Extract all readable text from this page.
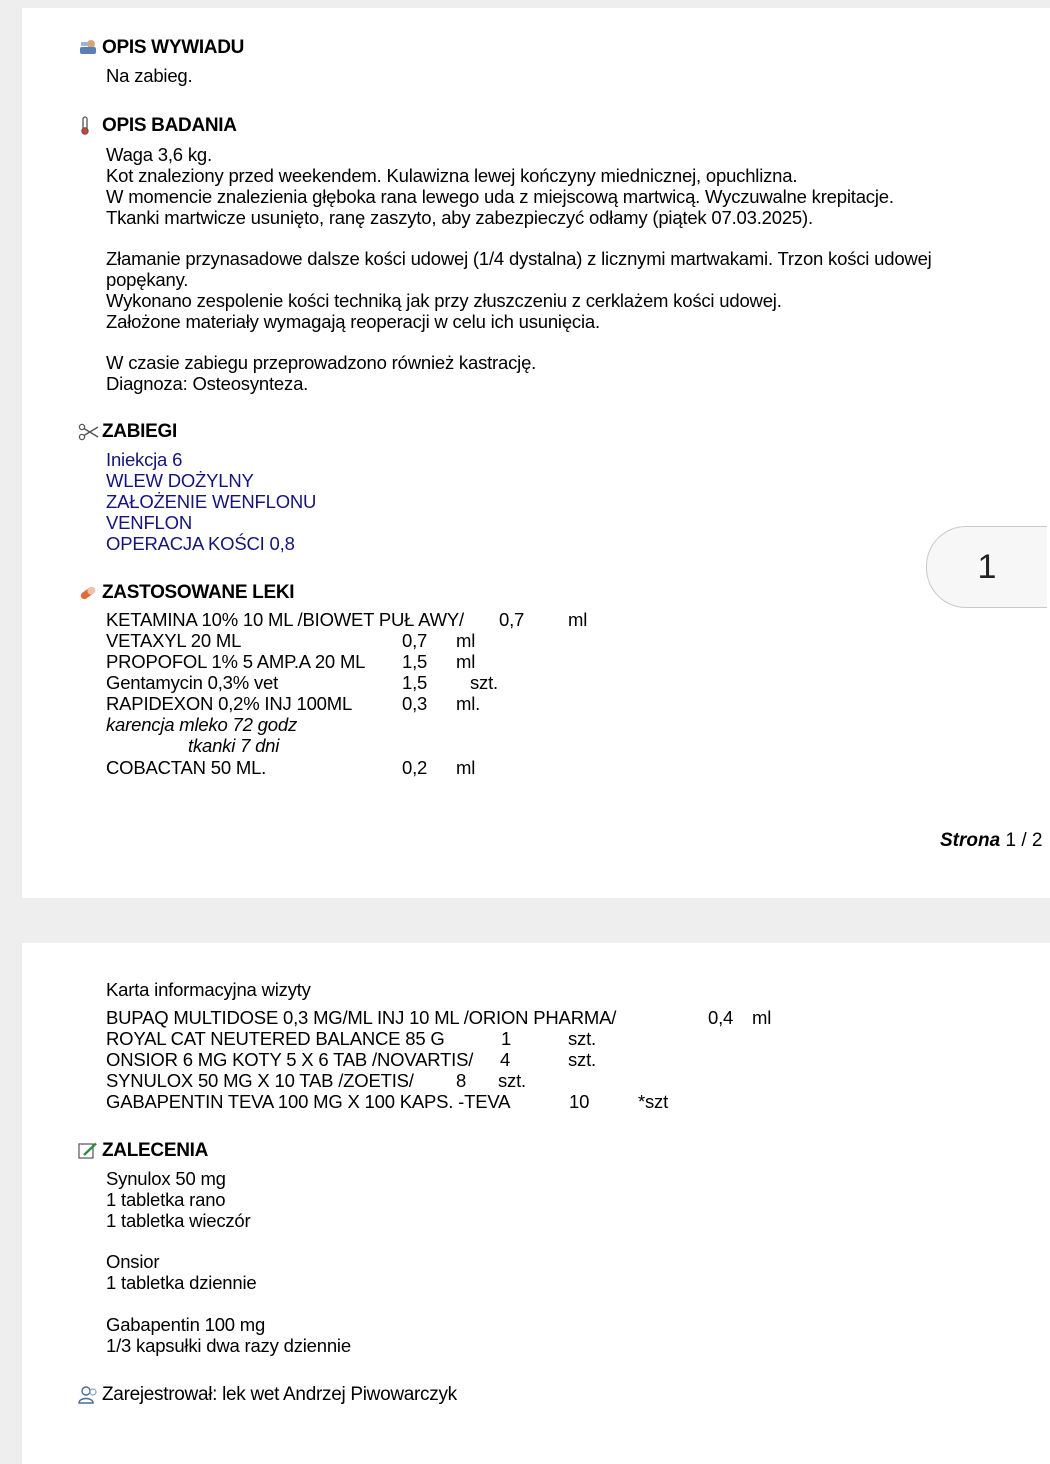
OPIS WYWIADU
Na zabieg.
OPIS BADANIA
Waga 3,6 kg.
Kot znaleziony przed weekendem. Kulawizna lewej kończyny miednicznej, opuchlizna.
W momencie znalezienia głęboka rana lewego uda z miejscową martwicą. Wyczuwalne krepitacje.
Tkanki martwicze usunięto, ranę zaszyto, aby zabezpieczyć odłamy (piątek 07.03.2025).
Złamanie przynasadowe dalsze kości udowej (1/4 dystalna) z licznymi martwakami. Trzon kości udowej
popękany.
Wykonano zespolenie kości techniką jak przy złuszczeniu z cerklażem kości udowej.
Założone materiały wymagają reoperacji w celu ich usunięcia.
W czasie zabiegu przeprowadzono również kastrację.
Diagnoza: Osteosynteza.
ZABIEGI
Iniekcja 6
WLEW DOŻYLNY
ZAŁOŻENIE WENFLONU
VENFLON
OPERACJA KOŚCI 0,8
ZASTOSOWANE LEKI
KETAMINA 10% 10 ML /BIOWET PUŁ AWY/ 0,7 ml
VETAXYL 20 ML	0,7 ml
PROPOFOL 1% 5 AMP.A 20 ML 1,5 ml
Gentamycin 0,3% vet	1,5 szt.
RAPIDEXON 0,2% INJ 100ML	0,3 ml.
karencja mleko 72 godz
tkanki 7 dni
COBACTAN 50 ML.	0,2 ml
Strona 1 / 2
1
Karta informacyjna wizyty
BUPAQ MULTIDOSE 0,3 MG/ML INJ 10 ML /ORION PHARMA/	0,4 ml
ROYAL CAT NEUTERED BALANCE 85 G	1	szt.
ONSIOR 6 MG KOTY 5 X 6 TAB /NOVARTIS/ 4	szt.
SYNULOX 50 MG X 10 TAB /ZOETIS/ 8 szt.
GABAPENTIN TEVA 100 MG X 100 KAPS. -TEVA	10	*szt
ZALECENIA
Synulox 50 mg
1 tabletka rano
1 tabletka wieczór
Onsior
1 tabletka dziennie
Gabapentin 100 mg
1/3 kapsułki dwa razy dziennie
Zarejestrował: lek wet Andrzej Piwowarczyk
